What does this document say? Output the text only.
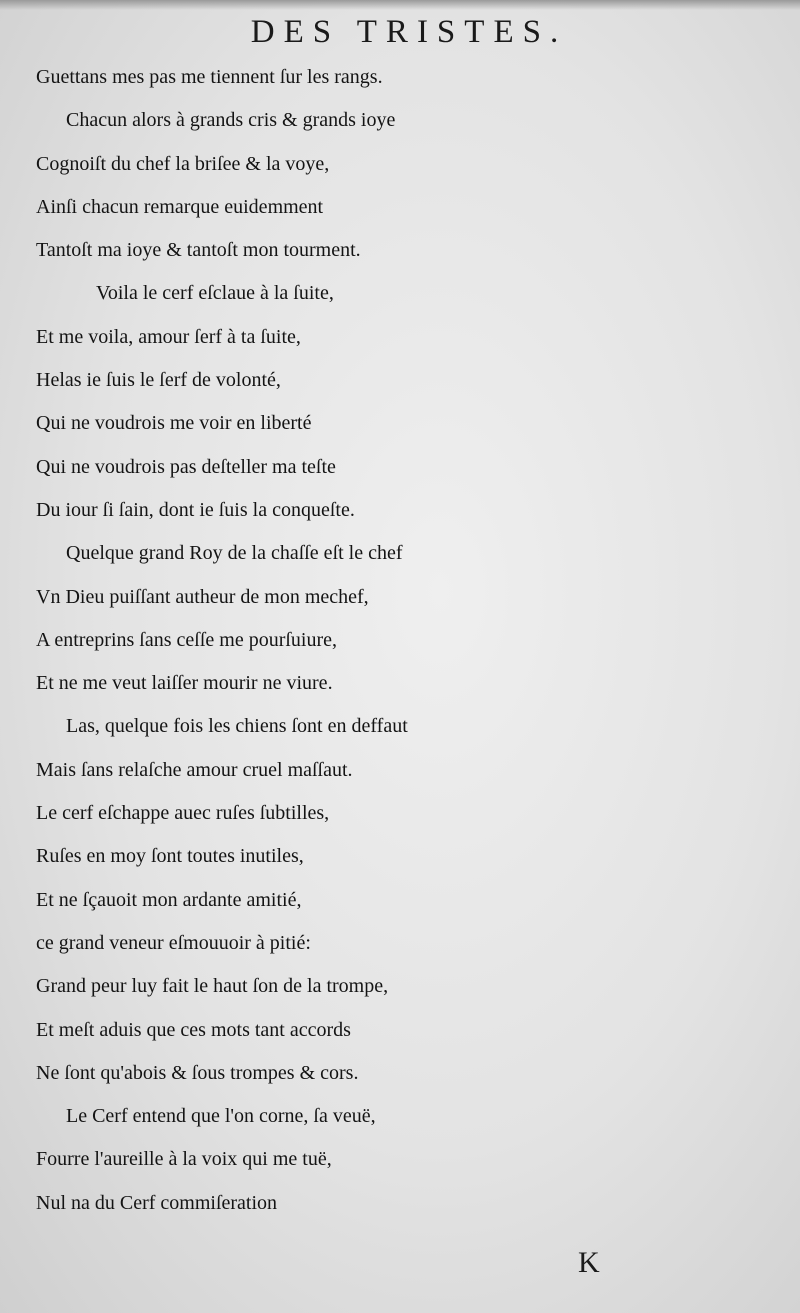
DES TRISTES.
Guettans mes pas me tiennent ſur les rangs.
Chacun alors à grands cris & grands ioye
Cognoiſt du chef la briſee & la voye,
Ainſi chacun remarque euidemment
Tantoſt ma ioye & tantoſt mon tourment.
Voila le cerf eſclaue à la ſuite,
Et me voila, amour ſerf à ta ſuite,
Helas ie ſuis le ſerf de volonté,
Qui ne voudrois me voir en liberté
Qui ne voudrois pas deſteller ma teſte
Du iour ſi ſain, dont ie ſuis la conqueſte.
Quelque grand Roy de la chaſſe eſt le chef
Vn Dieu puiſſant autheur de mon mechef,
A entreprins ſans ceſſe me pourſuiure,
Et ne me veut laiſſer mourir ne viure.
Las, quelque fois les chiens ſont en deffaut
Mais ſans relaſche amour cruel maſſaut.
Le cerf eſchappe auec ruſes ſubtilles,
Ruſes en moy ſont toutes inutiles,
Et ne ſçauoit mon ardante amitié,
ce grand veneur eſmouuoir à pitié:
Grand peur luy fait le haut ſon de la trompe,
Et meſt aduis que ces mots tant accords
Ne ſont qu'abois & ſous trompes & cors.
Le Cerf entend que l'on corne, ſa veuë,
Fourre l'aureille à la voix qui me tuë,
Nul na du Cerf commiſeration
K
